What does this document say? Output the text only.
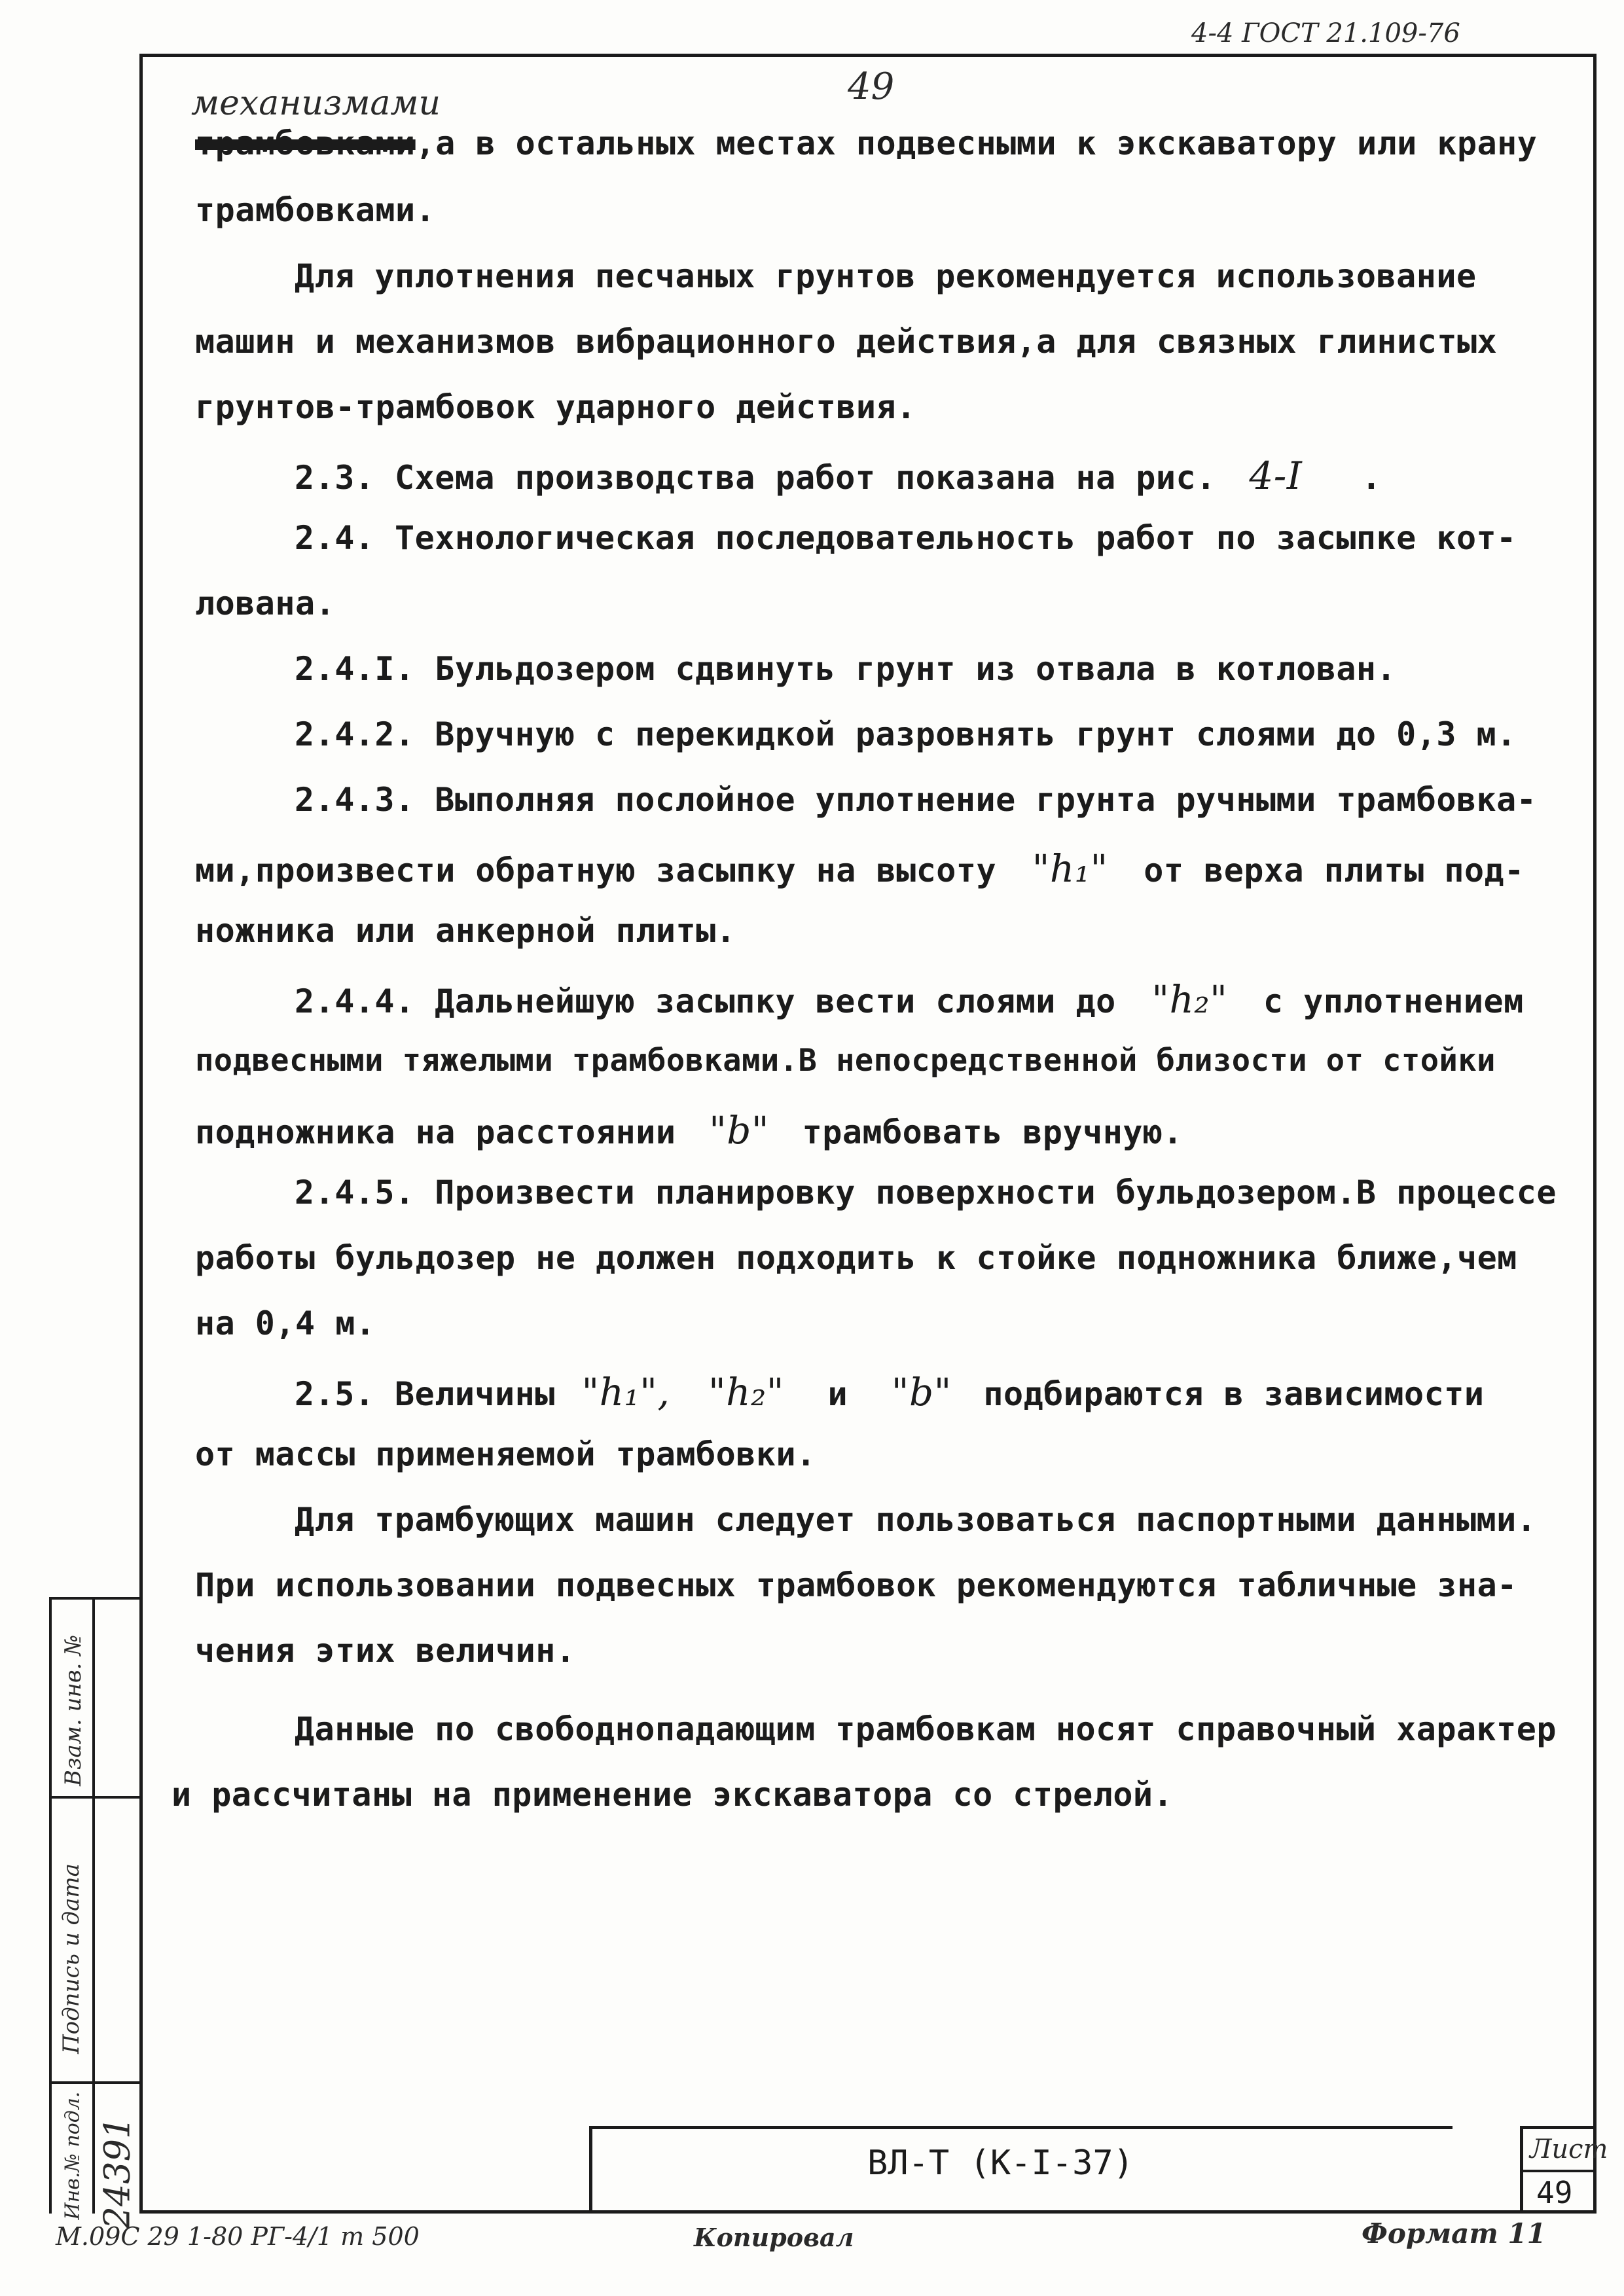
4-4 ГОСТ 21.109-76
49
механизмами
трамбовками,а в остальных местах подвесными к экскаватору или крану
трамбовками.
Для уплотнения песчаных грунтов рекомендуется использование
машин и механизмов вибрационного действия,а для связных глинистых
грунтов-трамбовок ударного действия.
2.3. Схема производства работ показана на рис. 4-I .
2.4. Технологическая последовательность работ по засыпке кот-
лована.
2.4.I. Бульдозером сдвинуть грунт из отвала в котлован.
2.4.2. Вручную с перекидкой разровнять грунт слоями до 0,3 м.
2.4.3. Выполняя послойное уплотнение грунта ручными трамбовка-
ми,произвести обратную засыпку на высоту "h₁" от верха плиты под-
ножника или анкерной плиты.
2.4.4. Дальнейшую засыпку вести слоями до "h₂" с уплотнением
подвесными тяжелыми трамбовками.В непосредственной близости от стойки
подножника на расстоянии "b" трамбовать вручную.
2.4.5. Произвести планировку поверхности бульдозером.В процессе
работы бульдозер не должен подходить к стойке подножника ближе,чем
на 0,4 м.
2.5. Величины "h₁", "h₂" и "b" подбираются в зависимости
от массы применяемой трамбовки.
Для трамбующих машин следует пользоваться паспортными данными.
При использовании подвесных трамбовок рекомендуются табличные зна-
чения этих величин.
Данные по свободнопадающим трамбовкам носят справочный характер
и рассчитаны на применение экскаватора со стрелой.
ВЛ-Т (К-I-37)	Лист
49
Взам. инв. №
Подпись и дата
Инв.№ подл. 24391
М.09С 29 1-80 РГ-4/1 т 500	Копировал	Формат 11
